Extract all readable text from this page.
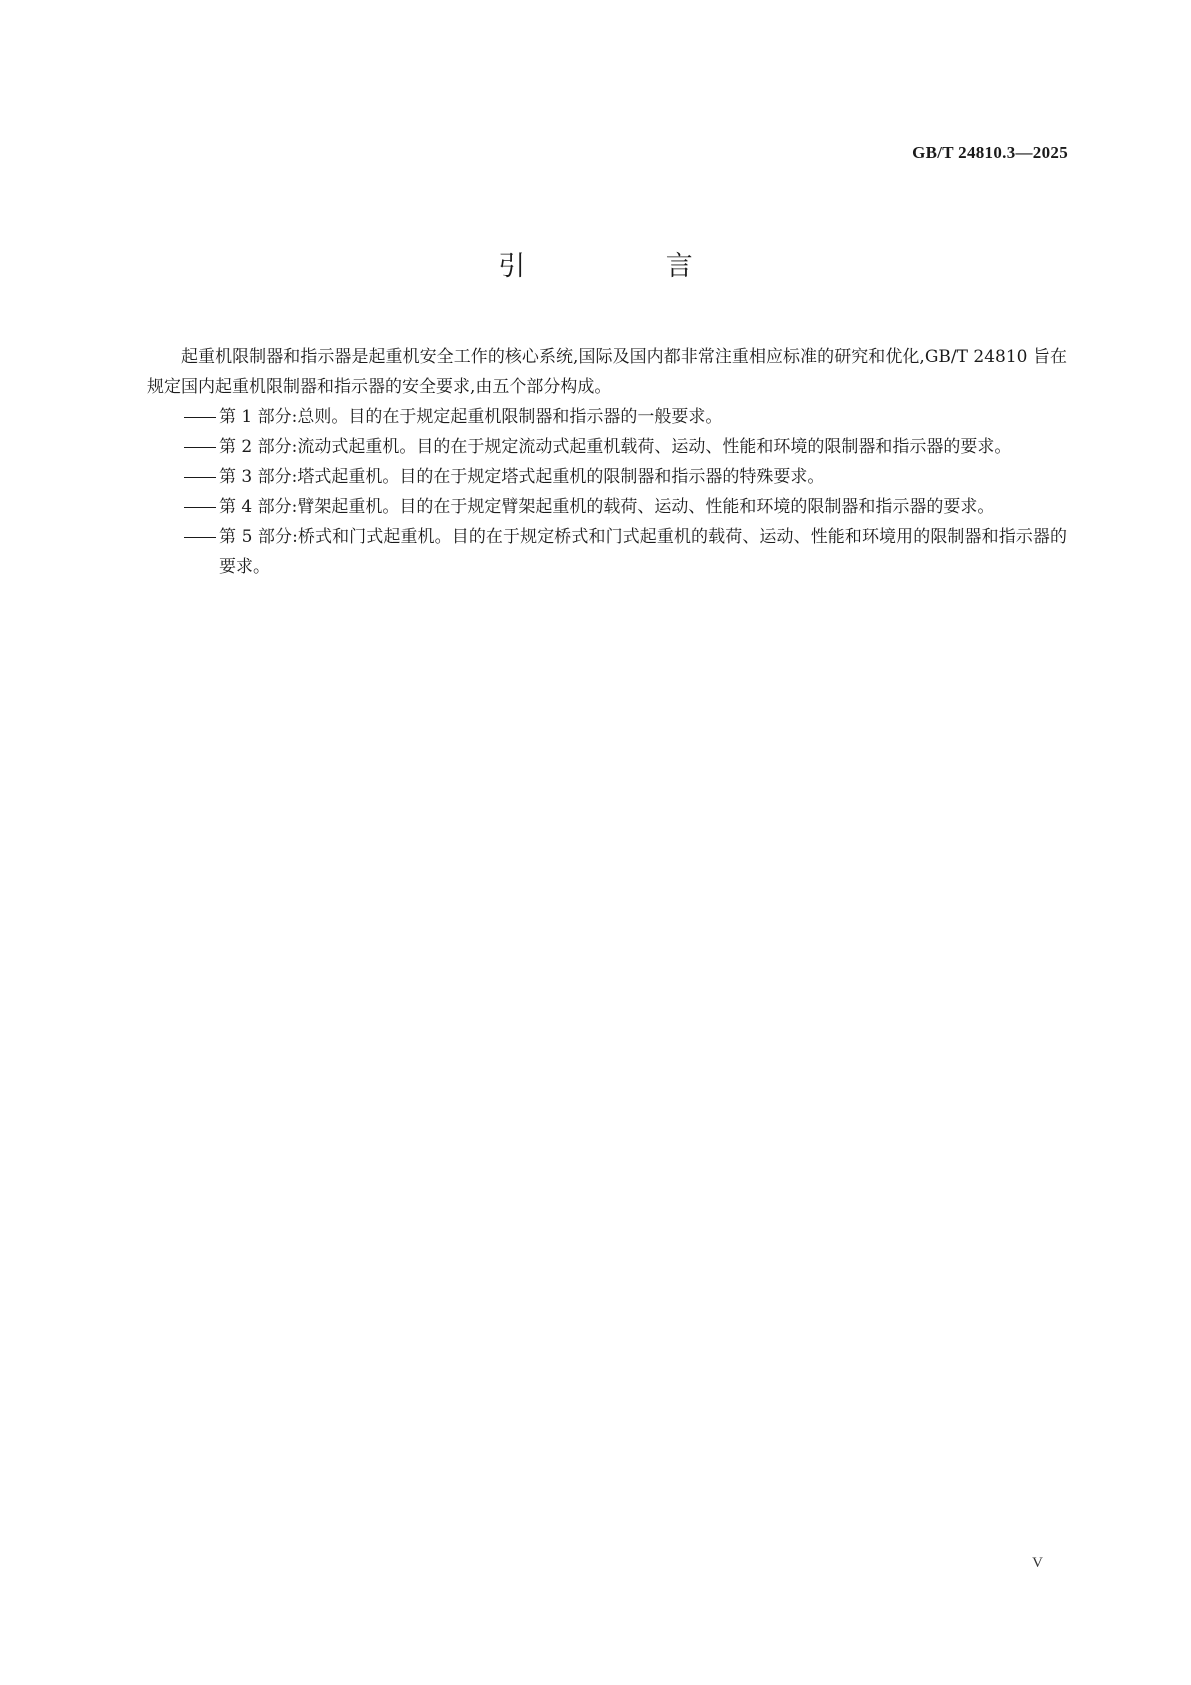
GB/T 24810.3—2025
引 言

起重机限制器和指示器是起重机安全工作的核心系统,国际及国内都非常注重相应标准的研究和优化,GB/T 24810 旨在规定国内起重机限制器和指示器的安全要求,由五个部分构成。

第 1 部分:总则。目的在于规定起重机限制器和指示器的一般要求。
第 2 部分:流动式起重机。目的在于规定流动式起重机载荷、运动、性能和环境的限制器和指示器的要求。
第 3 部分:塔式起重机。目的在于规定塔式起重机的限制器和指示器的特殊要求。
第 4 部分:臂架起重机。目的在于规定臂架起重机的载荷、运动、性能和环境的限制器和指示器的要求。
第 5 部分:桥式和门式起重机。目的在于规定桥式和门式起重机的载荷、运动、性能和环境用的限制器和指示器的要求。
V
